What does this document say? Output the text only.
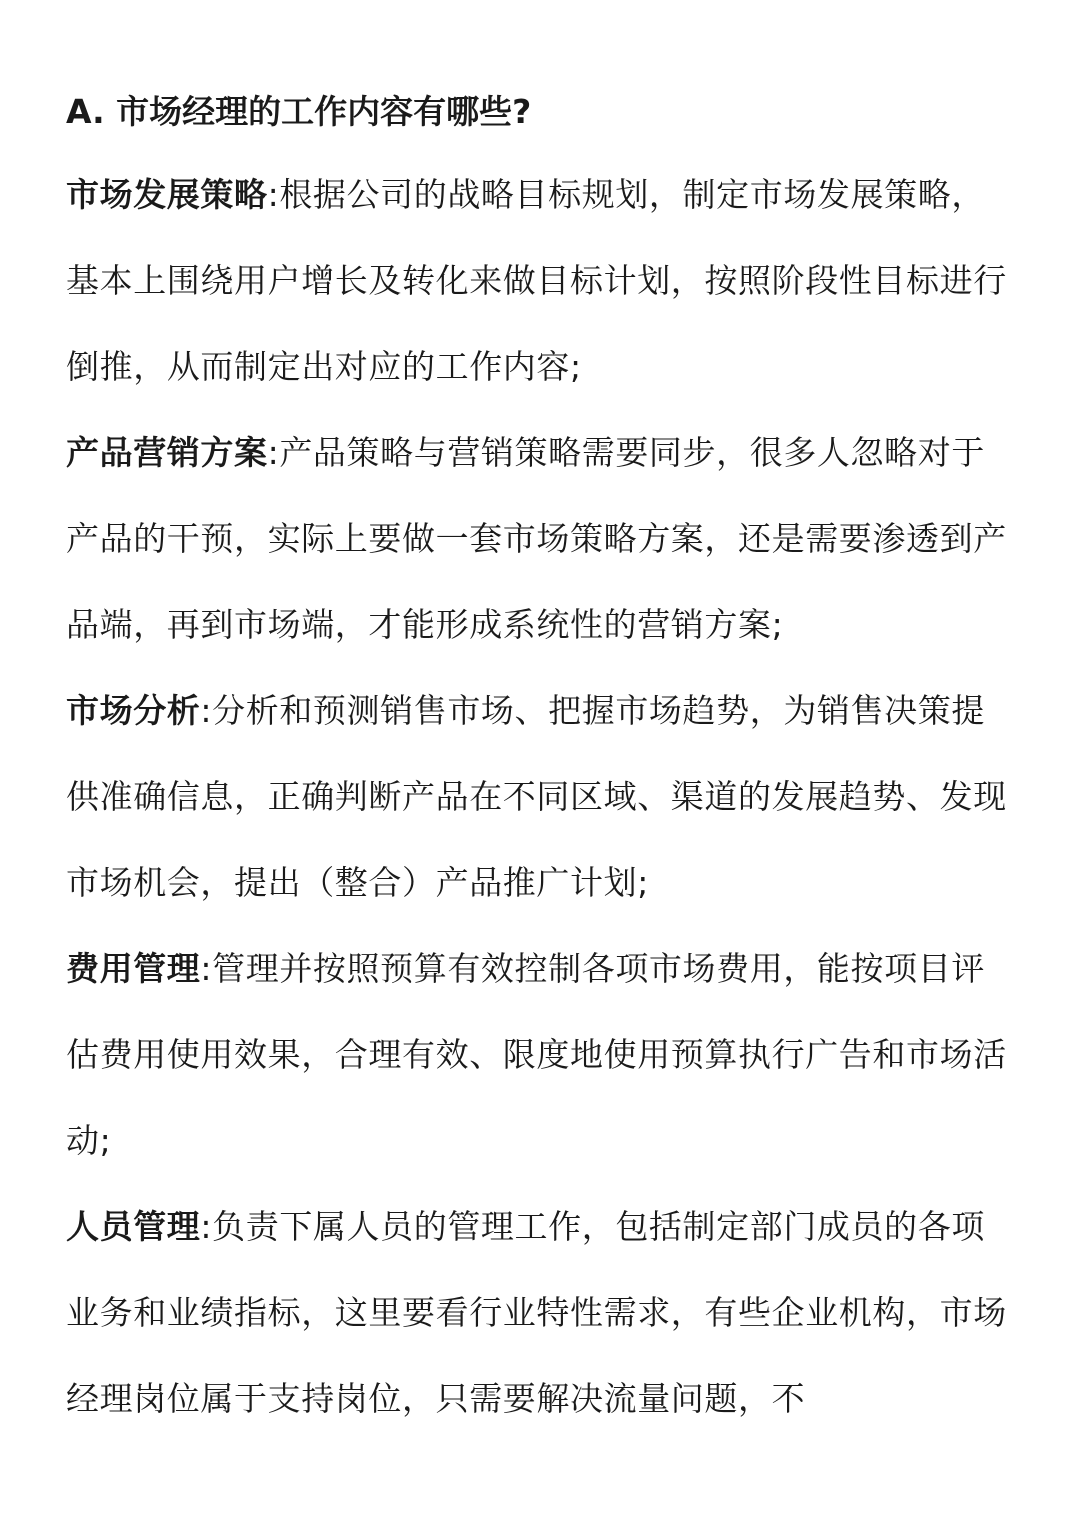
A. 市场经理的工作内容有哪些?

市场发展策略:根据公司的战略目标规划，制定市场发展策略，基本上围绕用户增长及转化来做目标计划，按照阶段性目标进行倒推，从而制定出对应的工作内容;

产品营销方案:产品策略与营销策略需要同步，很多人忽略对于产品的干预，实际上要做一套市场策略方案，还是需要渗透到产品端，再到市场端，才能形成系统性的营销方案;

市场分析:分析和预测销售市场、把握市场趋势，为销售决策提供准确信息，正确判断产品在不同区域、渠道的发展趋势、发现市场机会，提出（整合）产品推广计划;

费用管理:管理并按照预算有效控制各项市场费用，能按项目评估费用使用效果，合理有效、限度地使用预算执行广告和市场活动;

人员管理:负责下属人员的管理工作，包括制定部门成员的各项业务和业绩指标，这里要看行业特性需求，有些企业机构，市场经理岗位属于支持岗位，只需要解决流量问题，不
